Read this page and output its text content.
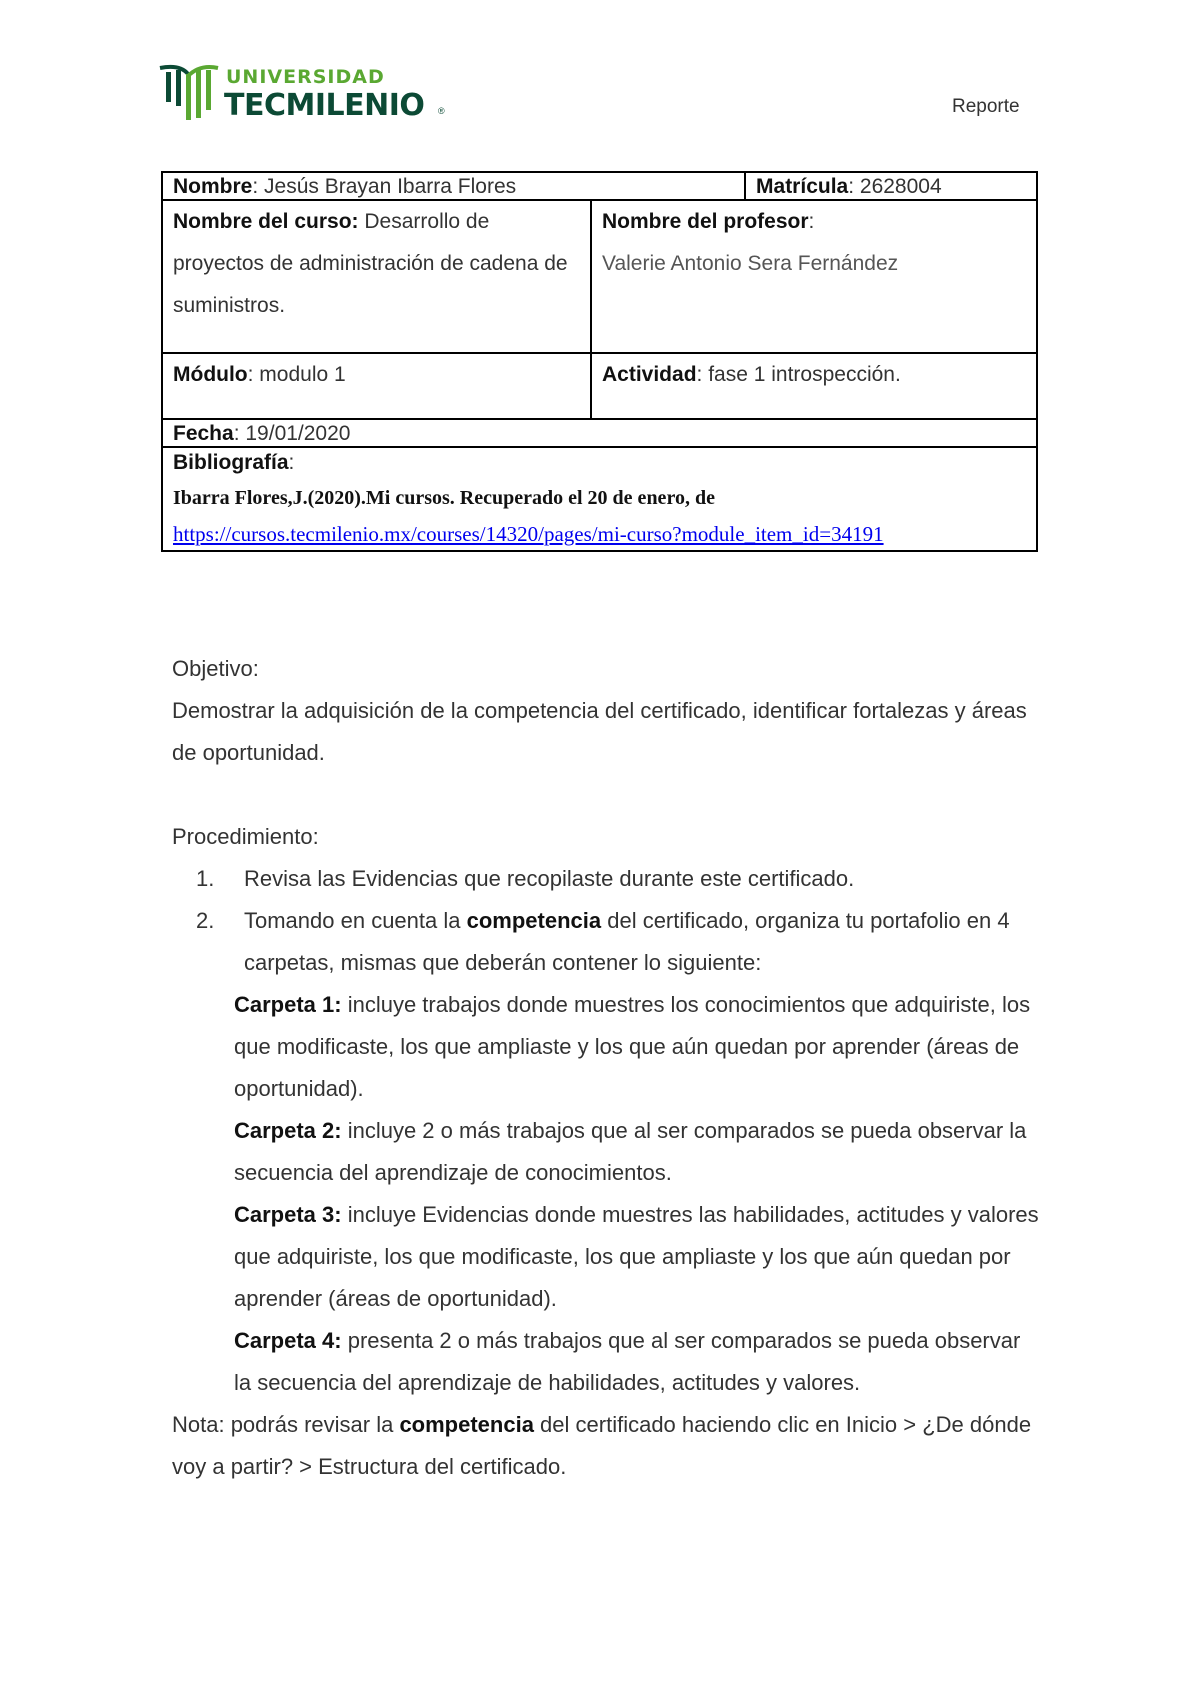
UNIVERSIDAD
TECMILENIO ®	Reporte
Nombre: Jesús Brayan Ibarra Flores		Matrícula: 2628004
Nombre del curso: Desarrollo de proyectos de administración de cadena de suministros.	Nombre del profesor:
Valerie Antonio Sera Fernández	
Módulo: modulo 1	Actividad: fase 1 introspección.	
Fecha: 19/01/2020		

Bibliografía:
Ibarra Flores,J.(2020).Mi cursos. Recuperado el 20 de enero, de
https://cursos.tecmilenio.mx/courses/14320/pages/mi-curso?module_item_id=34191		
Objetivo:
Demostrar la adquisición de la competencia del certificado, identificar fortalezas y áreas de oportunidad.
Procedimiento:
1. Revisa las Evidencias que recopilaste durante este certificado.
2. Tomando en cuenta la competencia del certificado, organiza tu portafolio en 4 carpetas, mismas que deberán contener lo siguiente:
Carpeta 1: incluye trabajos donde muestres los conocimientos que adquiriste, los que modificaste, los que ampliaste y los que aún quedan por aprender (áreas de oportunidad).
Carpeta 2: incluye 2 o más trabajos que al ser comparados se pueda observar la secuencia del aprendizaje de conocimientos.
Carpeta 3: incluye Evidencias donde muestres las habilidades, actitudes y valores que adquiriste, los que modificaste, los que ampliaste y los que aún quedan por aprender (áreas de oportunidad).
Carpeta 4: presenta 2 o más trabajos que al ser comparados se pueda observar la secuencia del aprendizaje de habilidades, actitudes y valores.
Nota: podrás revisar la competencia del certificado haciendo clic en Inicio > ¿De dónde voy a partir? > Estructura del certificado.
